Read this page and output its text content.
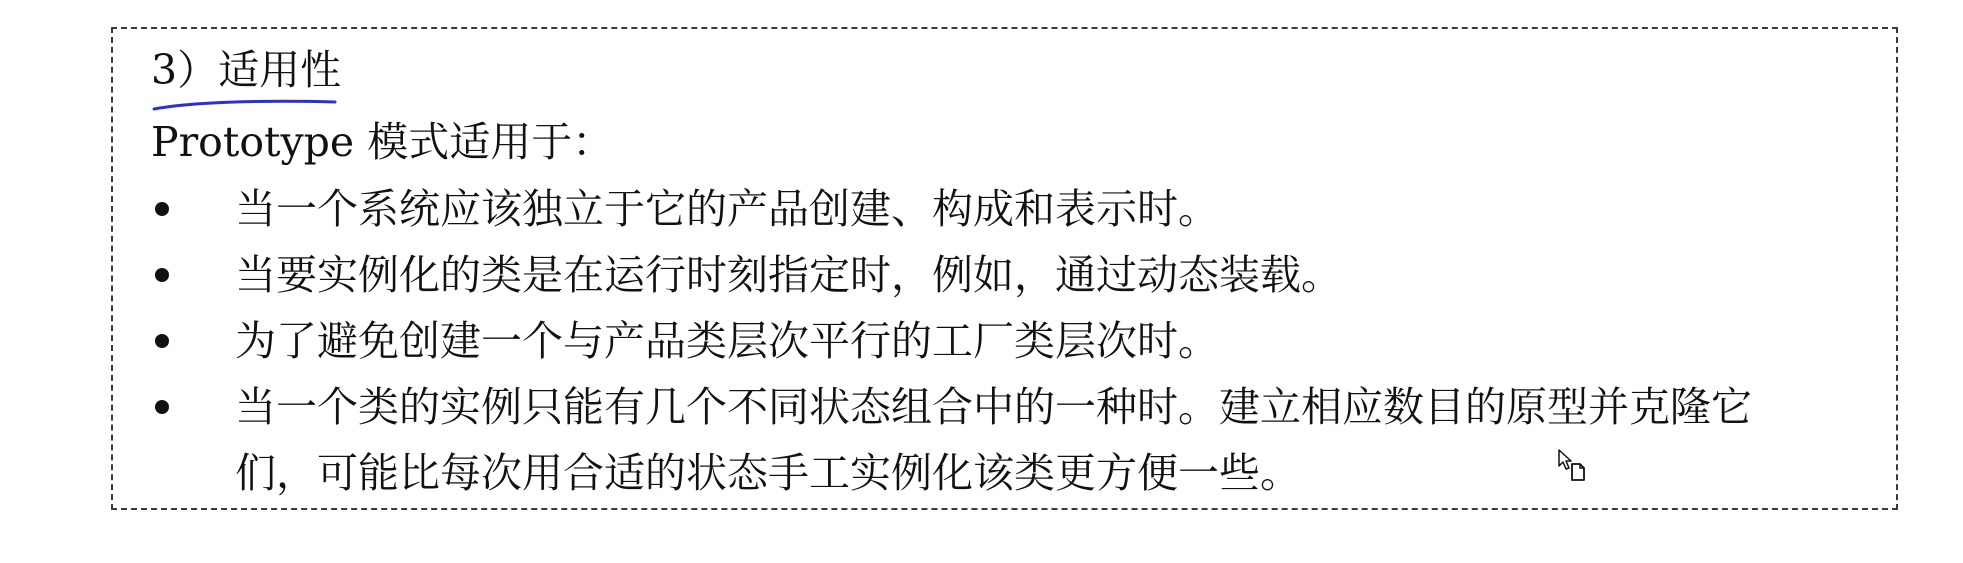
3）适用性
Prototype 模式适用于：
当一个系统应该独立于它的产品创建、构成和表示时。
当要实例化的类是在运行时刻指定时，例如，通过动态装载。
为了避免创建一个与产品类层次平行的工厂类层次时。
当一个类的实例只能有几个不同状态组合中的一种时。建立相应数目的原型并克隆它
们，可能比每次用合适的状态手工实例化该类更方便一些。
